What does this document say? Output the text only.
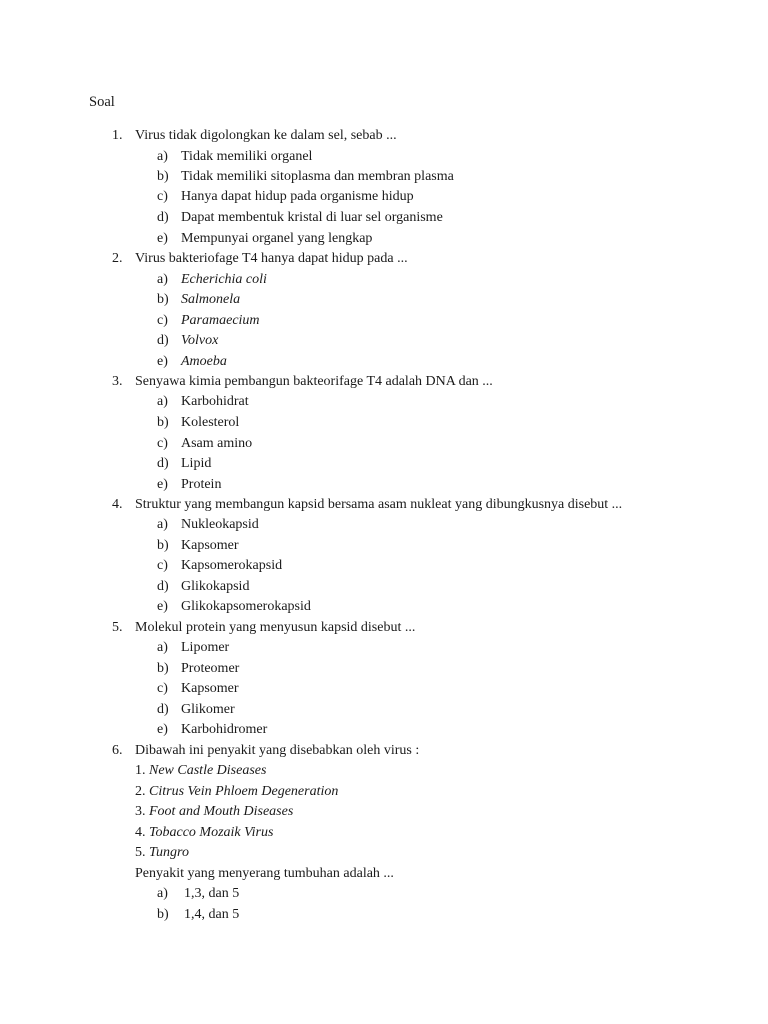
Soal
1. Virus tidak digolongkan ke dalam sel, sebab ...
a) Tidak memiliki organel
b) Tidak memiliki sitoplasma dan membran plasma
c) Hanya dapat hidup pada organisme hidup
d) Dapat membentuk kristal di luar sel organisme
e) Mempunyai organel yang lengkap
2. Virus bakteriofage T4 hanya dapat hidup pada ...
a) Echerichia coli
b) Salmonela
c) Paramaecium
d) Volvox
e) Amoeba
3. Senyawa kimia pembangun bakteorifage T4 adalah DNA dan ...
a) Karbohidrat
b) Kolesterol
c) Asam amino
d) Lipid
e) Protein
4. Struktur yang membangun kapsid bersama asam nukleat yang dibungkusnya disebut ...
a) Nukleokapsid
b) Kapsomer
c) Kapsomerokapsid
d) Glikokapsid
e) Glikokapsomerokapsid
5. Molekul protein yang menyusun kapsid disebut ...
a) Lipomer
b) Proteomer
c) Kapsomer
d) Glikomer
e) Karbohidromer
6. Dibawah ini penyakit yang disebabkan oleh virus :
1. New Castle Diseases
2. Citrus Vein Phloem Degeneration
3. Foot and Mouth Diseases
4. Tobacco Mozaik Virus
5. Tungro
Penyakit yang menyerang tumbuhan adalah ...
a) 1,3, dan 5
b) 1,4, dan 5
